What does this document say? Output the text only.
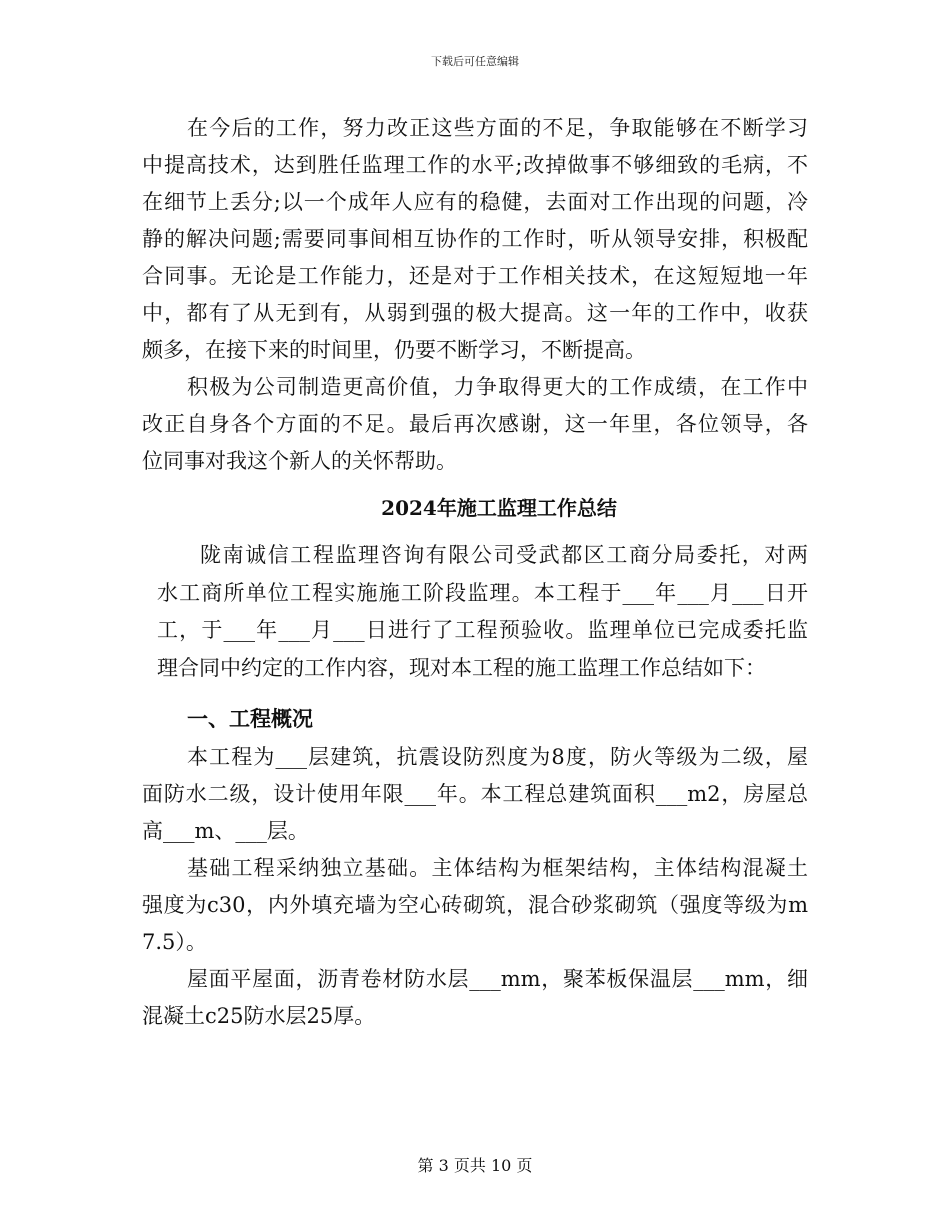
下载后可任意编辑
在今后的工作，努力改正这些方面的不足，争取能够在不断学习
中提高技术，达到胜任监理工作的水平;改掉做事不够细致的毛病，不
在细节上丢分;以一个成年人应有的稳健，去面对工作出现的问题，冷
静的解决问题;需要同事间相互协作的工作时，听从领导安排，积极配
合同事。无论是工作能力，还是对于工作相关技术，在这短短地一年
中，都有了从无到有，从弱到强的极大提高。这一年的工作中，收获
颇多，在接下来的时间里，仍要不断学习，不断提高。
积极为公司制造更高价值，力争取得更大的工作成绩，在工作中
改正自身各个方面的不足。最后再次感谢，这一年里，各位领导，各
位同事对我这个新人的关怀帮助。
2024年施工监理工作总结
陇南诚信工程监理咨询有限公司受武都区工商分局委托，对两
水工商所单位工程实施施工阶段监理。本工程于___年___月___日开
工，于___年___月___日进行了工程预验收。监理单位已完成委托监
理合同中约定的工作内容，现对本工程的施工监理工作总结如下：
一、工程概况
本工程为___层建筑，抗震设防烈度为8度，防火等级为二级，屋
面防水二级，设计使用年限___年。本工程总建筑面积___m2，房屋总
高___m、___层。
基础工程采纳独立基础。主体结构为框架结构，主体结构混凝土
强度为c30，内外填充墙为空心砖砌筑，混合砂浆砌筑（强度等级为m
7.5）。
屋面平屋面，沥青卷材防水层___mm，聚苯板保温层___mm，细
混凝土c25防水层25厚。
第 3 页共 10 页
